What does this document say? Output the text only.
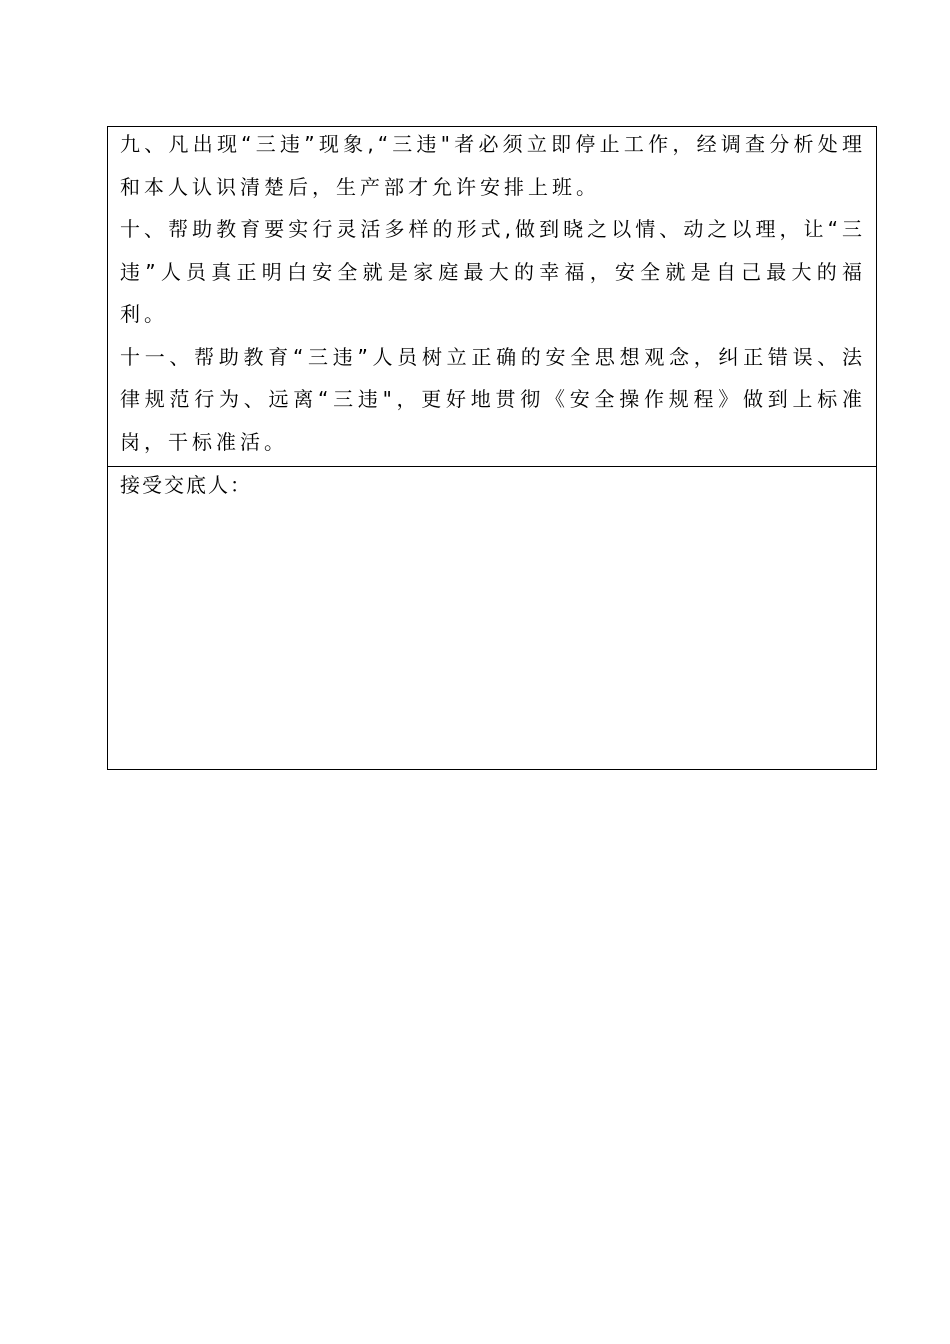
九、凡出现“三违”现象,“三违"者必须立即停止工作，经调查分析处理和本人认识清楚后，生产部才允许安排上班。

十、帮助教育要实行灵活多样的形式,做到晓之以情、动之以理，让“三违”人员真正明白安全就是家庭最大的幸福，安全就是自己最大的福利。

十一、帮助教育“三违”人员树立正确的安全思想观念，纠正错误、法律规范行为、远离“三违"，更好地贯彻《安全操作规程》做到上标准岗，干标准活。

接受交底人：
